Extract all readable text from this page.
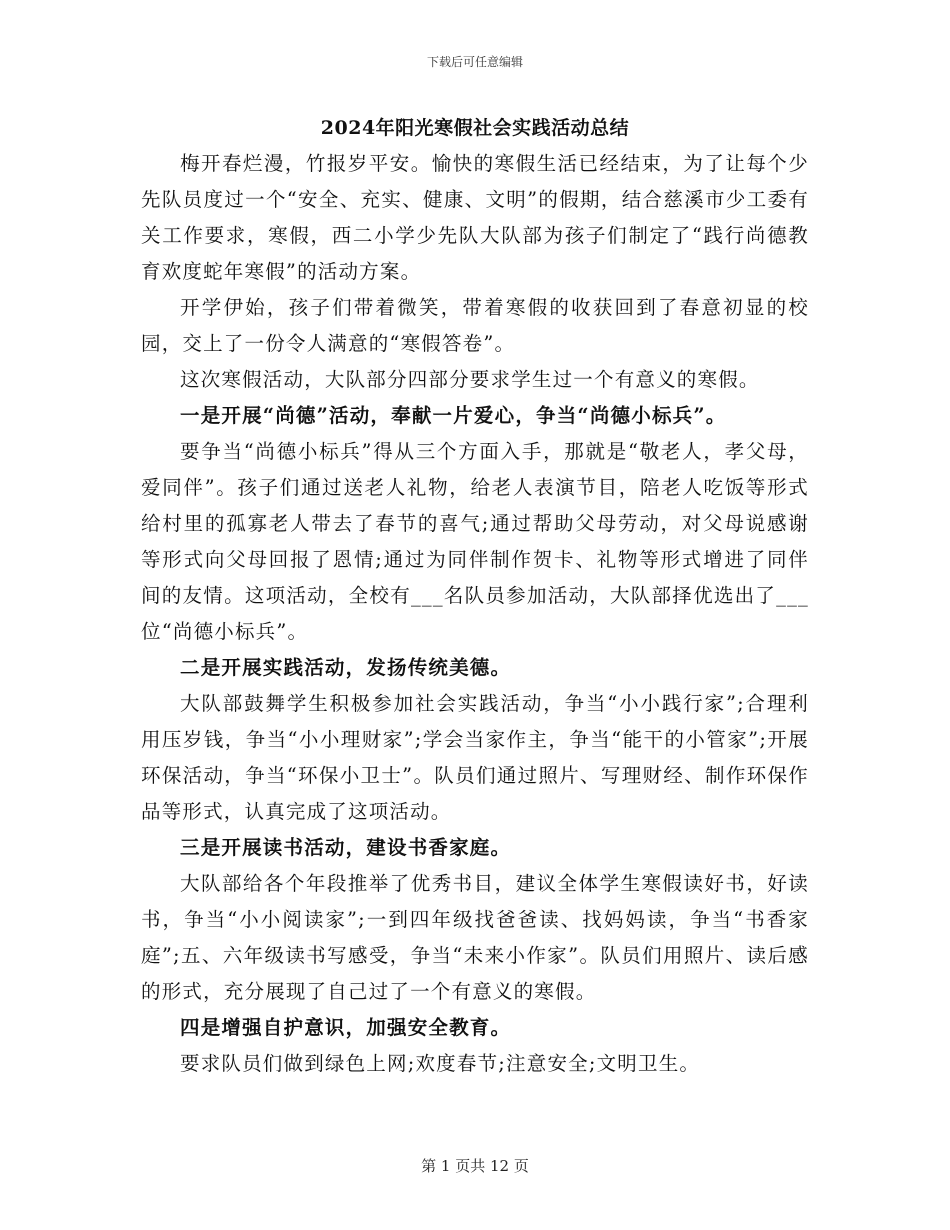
下载后可任意编辑
2024年阳光寒假社会实践活动总结

梅开春烂漫，竹报岁平安。愉快的寒假生活已经结束，为了让每个少先队员度过一个“安全、充实、健康、文明”的假期，结合慈溪市少工委有关工作要求，寒假，西二小学少先队大队部为孩子们制定了“践行尚德教育欢度蛇年寒假”的活动方案。

开学伊始，孩子们带着微笑，带着寒假的收获回到了春意初显的校园，交上了一份令人满意的“寒假答卷”。

这次寒假活动，大队部分四部分要求学生过一个有意义的寒假。

一是开展“尚德”活动，奉献一片爱心，争当“尚德小标兵”。

要争当“尚德小标兵”得从三个方面入手，那就是“敬老人，孝父母，爱同伴”。孩子们通过送老人礼物，给老人表演节目，陪老人吃饭等形式给村里的孤寡老人带去了春节的喜气;通过帮助父母劳动，对父母说感谢等形式向父母回报了恩情;通过为同伴制作贺卡、礼物等形式增进了同伴间的友情。这项活动，全校有___名队员参加活动，大队部择优选出了___位“尚德小标兵”。

二是开展实践活动，发扬传统美德。

大队部鼓舞学生积极参加社会实践活动，争当“小小践行家”;合理利用压岁钱，争当“小小理财家”;学会当家作主，争当“能干的小管家”;开展环保活动，争当“环保小卫士”。队员们通过照片、写理财经、制作环保作品等形式，认真完成了这项活动。

三是开展读书活动，建设书香家庭。

大队部给各个年段推举了优秀书目，建议全体学生寒假读好书，好读书，争当“小小阅读家”;一到四年级找爸爸读、找妈妈读，争当“书香家庭”;五、六年级读书写感受，争当“未来小作家”。队员们用照片、读后感的形式，充分展现了自己过了一个有意义的寒假。

四是增强自护意识，加强安全教育。

要求队员们做到绿色上网;欢度春节;注意安全;文明卫生。

第 1 页共 12 页
